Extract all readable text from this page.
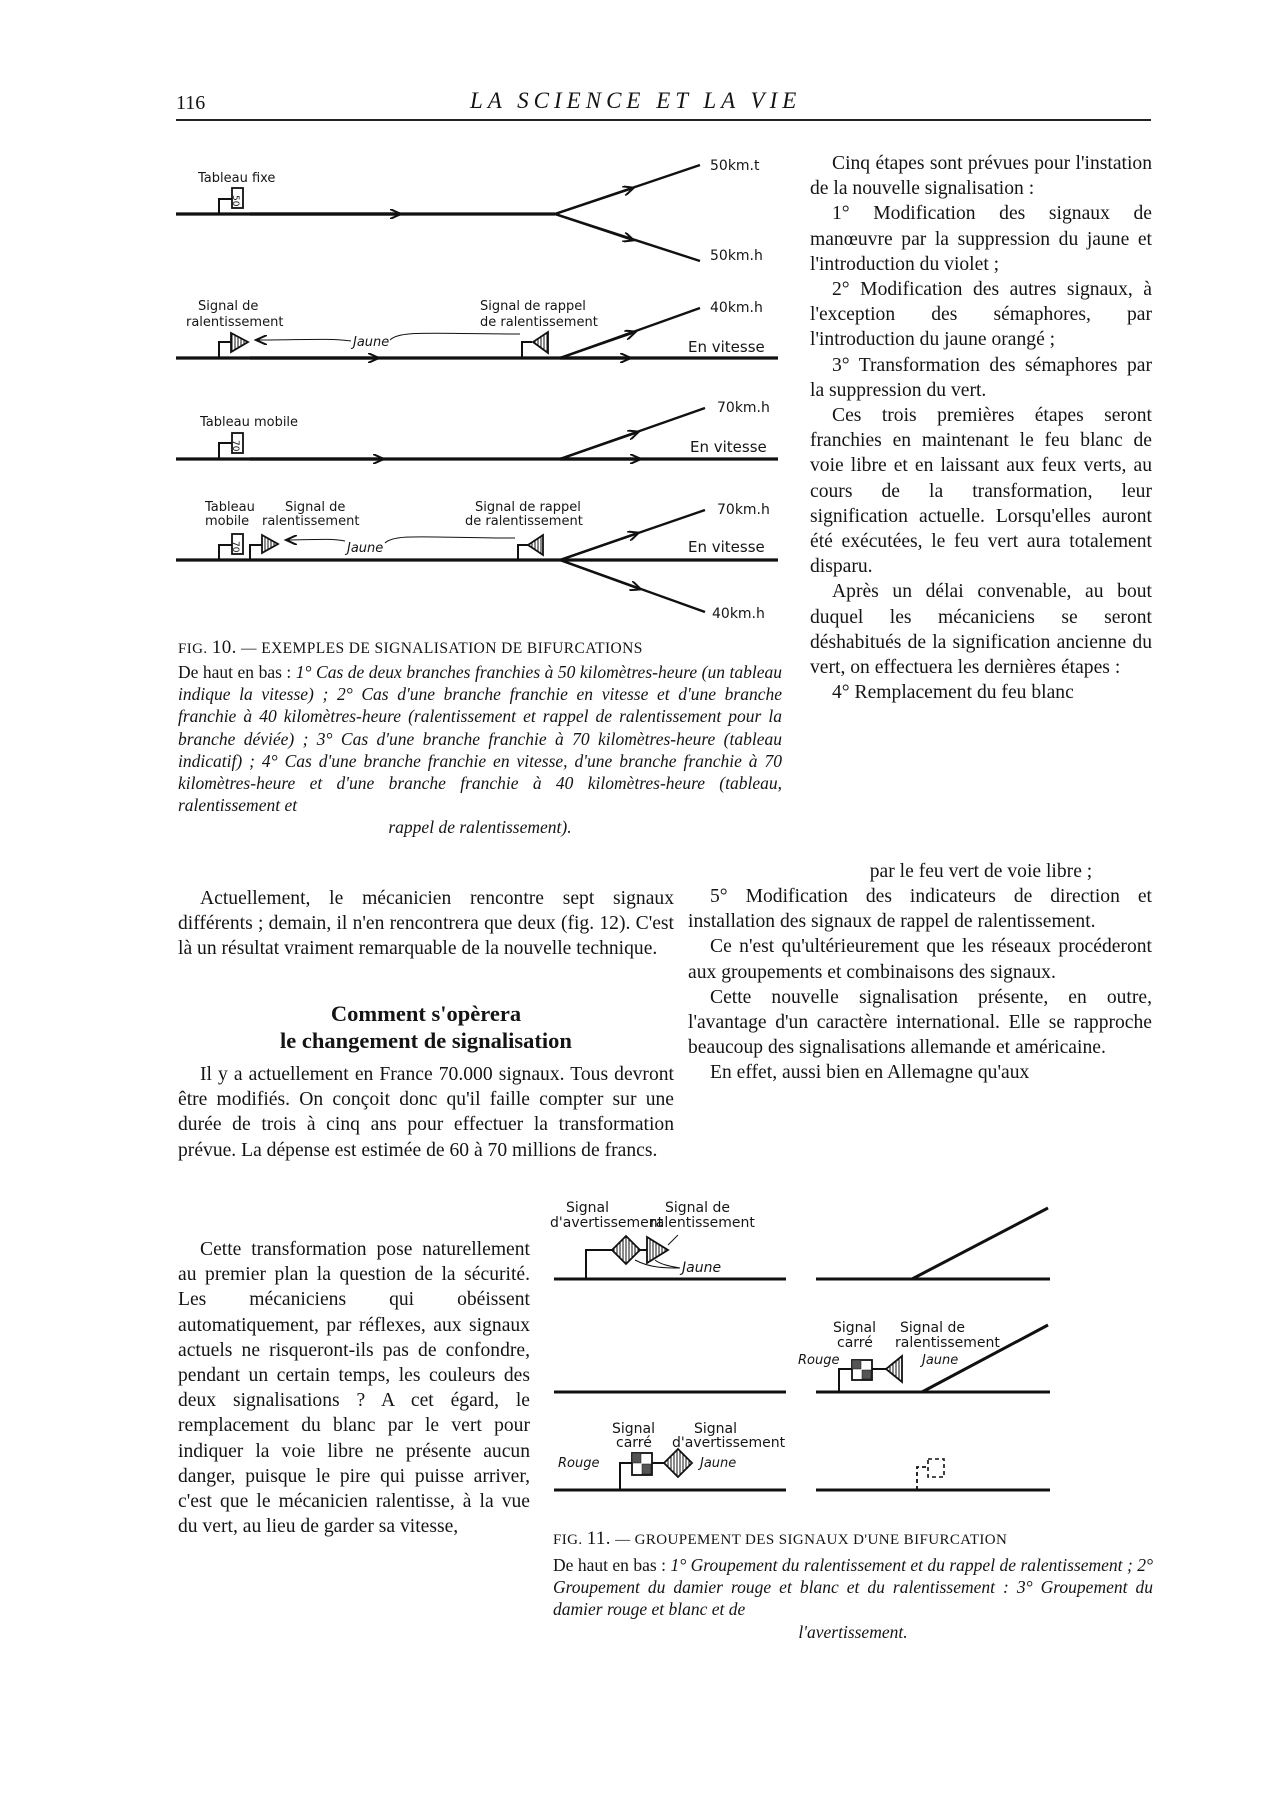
116	LA SCIENCE ET LA VIE
Tableau fixe
50km.t
50km.h
Signal de
ralentissement
Signal de rappel
de ralentissement
Jaune
40km.h
En vitesse
Tableau mobile
70km.h
En vitesse
Tableau
mobile
Signal de
ralentissement
Signal de rappel
de ralentissement
Jaune
70km.h
En vitesse
40km.h
50
70
70
FIG. 10. — EXEMPLES DE SIGNALISATION DE BIFURCATIONS
De haut en bas : 1° Cas de deux branches franchies à 50 kilomètres-heure (un tableau indique la vitesse) ; 2° Cas d'une branche franchie en vitesse et d'une branche franchie à 40 kilomètres-heure (ralentissement et rappel de ralentissement pour la branche déviée) ; 3° Cas d'une branche franchie à 70 kilomètres-heure (tableau indicatif) ; 4° Cas d'une branche franchie en vitesse, d'une branche franchie à 70 kilomètres-heure et d'une branche franchie à 40 kilomètres-heure (tableau, ralentissement et
rappel de ralentissement).

Cinq étapes sont prévues pour l'instation de la nouvelle signalisation :

1° Modification des signaux de manœuvre par la suppression du jaune et l'introduction du violet ;

2° Modification des autres signaux, à l'exception des sémaphores, par l'introduction du jaune orangé ;

3° Transformation des sémaphores par la suppression du vert.

Ces trois premières étapes seront franchies en maintenant le feu blanc de voie libre et en laissant aux feux verts, au cours de la transformation, leur signification actuelle. Lorsqu'elles auront été exécutées, le feu vert aura totalement disparu.

Après un délai convenable, au bout duquel les mécaniciens se seront déshabitués de la signification ancienne du vert, on effectuera les dernières étapes :

4° Remplacement du feu blanc

par le feu vert de voie libre ;

Actuellement, le mécanicien rencontre sept signaux différents ; demain, il n'en rencontrera que deux (fig. 12). C'est là un résultat vraiment remarquable de la nouvelle technique.

Comment s'opèrera
le changement de signalisation

Il y a actuellement en France 70.000 signaux. Tous devront être modifiés. On conçoit donc qu'il faille compter sur une durée de trois à cinq ans pour effectuer la transformation prévue. La dépense est estimée de 60 à 70 millions de francs.

5° Modification des indicateurs de direction et installation des signaux de rappel de ralentissement.

Ce n'est qu'ultérieurement que les réseaux procéderont aux groupements et combinaisons des signaux.

Cette nouvelle signalisation présente, en outre, l'avantage d'un caractère international. Elle se rapproche beaucoup des signalisations allemande et américaine.

En effet, aussi bien en Allemagne qu'aux

Cette transformation pose naturellement au premier plan la question de la sécurité. Les mécaniciens qui obéissent automatiquement, par réflexes, aux signaux actuels ne risqueront-ils pas de confondre, pendant un certain temps, les couleurs des deux signalisations ? A cet égard, le remplacement du blanc par le vert pour indiquer la voie libre ne présente aucun danger, puisque le pire qui puisse arriver, c'est que le mécanicien ralentisse, à la vue du vert, au lieu de garder sa vitesse,

Signal
d'avertissement
Signal de
ralentissement
Jaune
Signal
carré
Signal de
ralentissement
Rouge	Jaune
Signal
carré
Signal
d'avertissement
Rouge	Jaune
FIG. 11. — GROUPEMENT DES SIGNAUX D'UNE BIFURCATION
De haut en bas : 1° Groupement du ralentissement et du rappel de ralentissement ; 2° Groupement du damier rouge et blanc et du ralentissement : 3° Groupement du damier rouge et blanc et de
l'avertissement.
